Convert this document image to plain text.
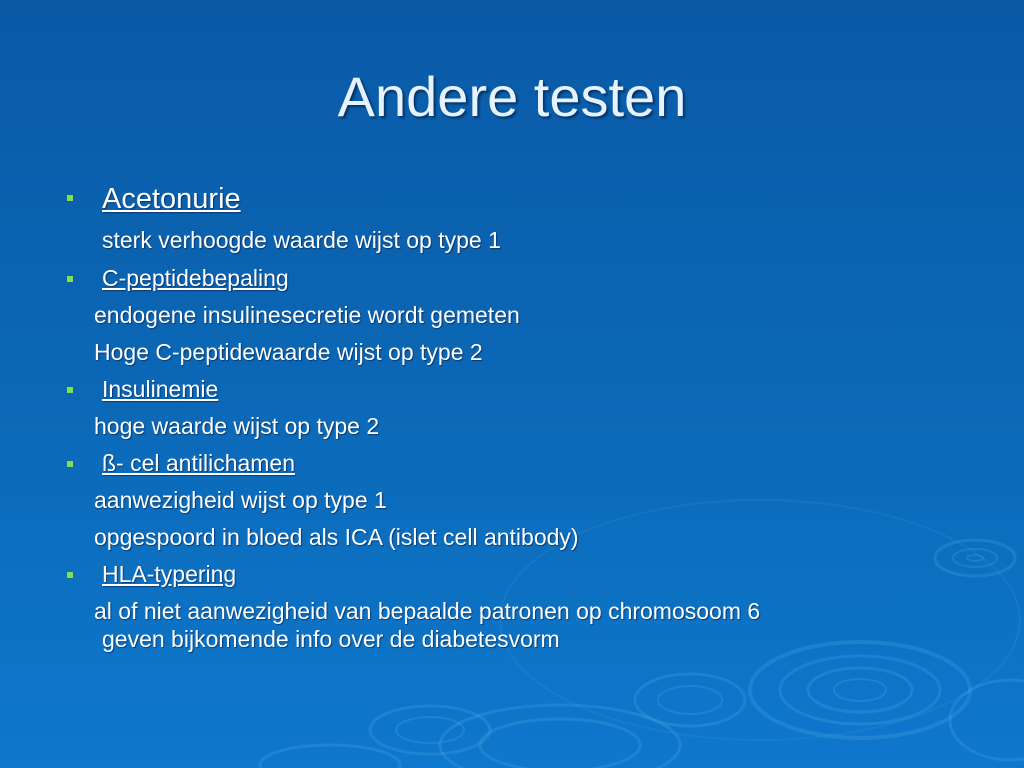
Andere testen
Acetonurie
sterk verhoogde waarde wijst op type 1
C-peptidebepaling
endogene insulinesecretie wordt gemeten
Hoge C-peptidewaarde wijst op type 2
Insulinemie
hoge waarde wijst op type 2
ß- cel antilichamen
aanwezigheid wijst op type 1
opgespoord in bloed als ICA (islet cell antibody)
HLA-typering
al of niet aanwezigheid van bepaalde patronen op chromosoom 6
geven bijkomende info over de diabetesvorm
